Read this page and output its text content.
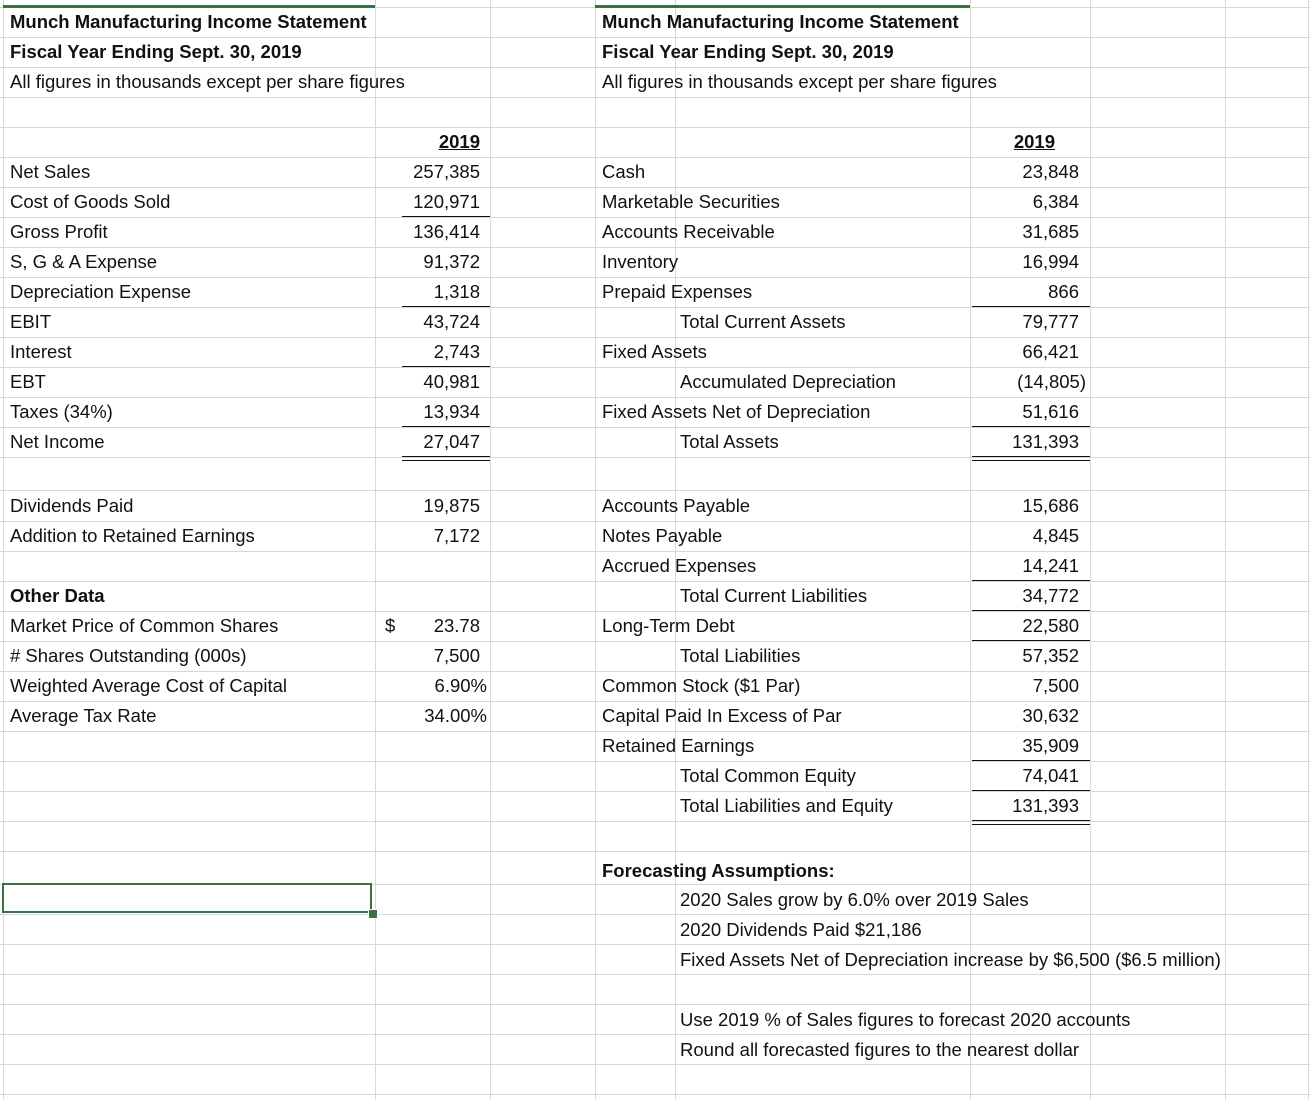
Munch Manufacturing Income Statement
Fiscal Year Ending Sept. 30, 2019
All figures in thousands except per share figures
2019
Net Sales	257,385
Cost of Goods Sold	120,971
Gross Profit	136,414
S, G & A Expense	91,372
Depreciation Expense	1,318
EBIT	43,724
Interest	2,743
EBT	40,981
Taxes (34%)	13,934
Net Income	27,047
Dividends Paid	19,875
Addition to Retained Earnings	7,172
Other Data
Market Price of Common Shares	$	23.78
# Shares Outstanding (000s)	7,500
Weighted Average Cost of Capital	6.90%
Average Tax Rate	34.00%
Munch Manufacturing Income Statement
Fiscal Year Ending Sept. 30, 2019
All figures in thousands except per share figures
2019
Cash	23,848
Marketable Securities	6,384
Accounts Receivable	31,685
Inventory	16,994
Prepaid Expenses	866
Total Current Assets	79,777
Fixed Assets	66,421
Accumulated Depreciation	(14,805)
Fixed Assets Net of Depreciation	51,616
Total Assets	131,393
Accounts Payable	15,686
Notes Payable	4,845
Accrued Expenses	14,241
Total Current Liabilities	34,772
Long-Term Debt	22,580
Total Liabilities	57,352
Common Stock ($1 Par)	7,500
Capital Paid In Excess of Par	30,632
Retained Earnings	35,909
Total Common Equity	74,041
Total Liabilities and Equity	131,393
Forecasting Assumptions:
2020 Sales grow by 6.0% over 2019 Sales
2020 Dividends Paid $21,186
Fixed Assets Net of Depreciation increase by $6,500 ($6.5 million)
Use 2019 % of Sales figures to forecast 2020 accounts
Round all forecasted figures to the nearest dollar
